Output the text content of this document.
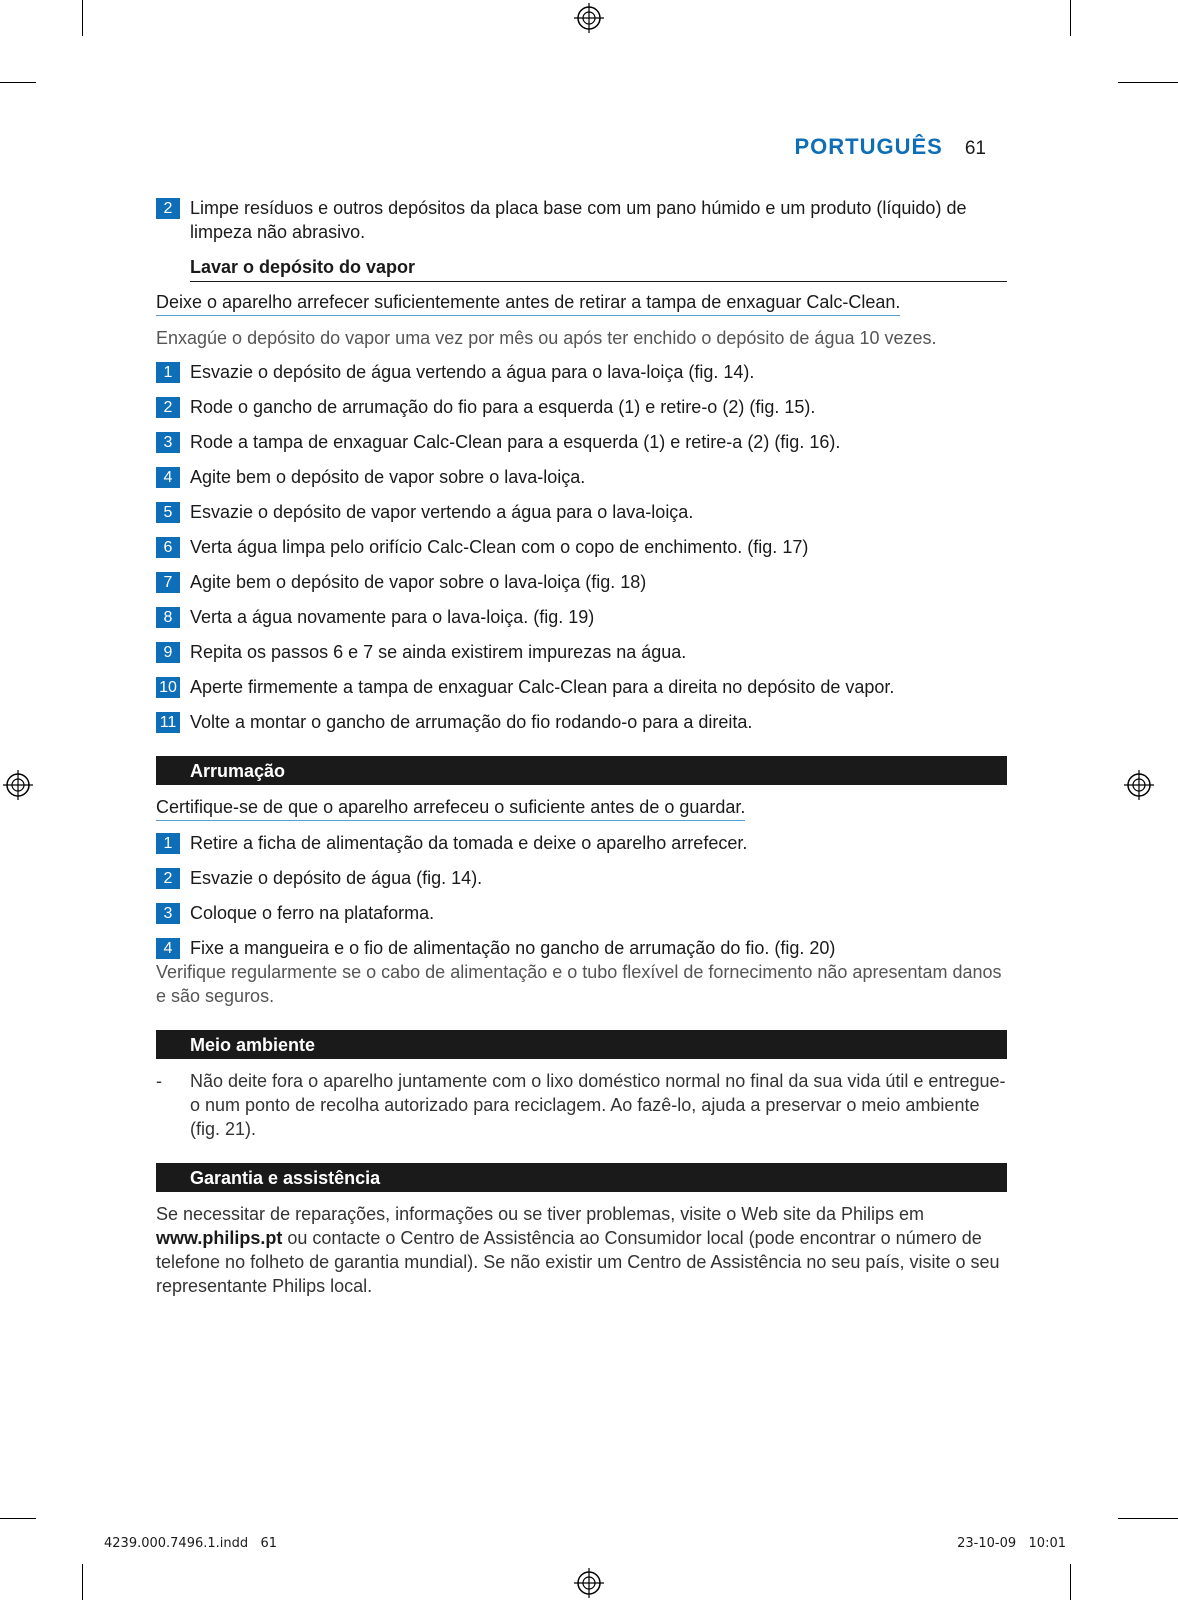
PORTUGUÊS 61
2 Limpe resíduos e outros depósitos da placa base com um pano húmido e um produto (líquido) de limpeza não abrasivo.
Lavar o depósito do vapor
Deixe o aparelho arrefecer suficientemente antes de retirar a tampa de enxaguar Calc-Clean.
Enxagúe o depósito do vapor uma vez por mês ou após ter enchido o depósito de água 10 vezes.
1 Esvazie o depósito de água vertendo a água para o lava-loiça (fig. 14).
2 Rode o gancho de arrumação do fio para a esquerda (1) e retire-o (2) (fig. 15).
3 Rode a tampa de enxaguar Calc-Clean para a esquerda (1) e retire-a (2) (fig. 16).
4 Agite bem o depósito de vapor sobre o lava-loiça.
5 Esvazie o depósito de vapor vertendo a água para o lava-loiça.
6 Verta água limpa pelo orifício Calc-Clean com o copo de enchimento. (fig. 17)
7 Agite bem o depósito de vapor sobre o lava-loiça (fig. 18)
8 Verta a água novamente para o lava-loiça. (fig. 19)
9 Repita os passos 6 e 7 se ainda existirem impurezas na água.
10 Aperte firmemente a tampa de enxaguar Calc-Clean para a direita no depósito de vapor.
11 Volte a montar o gancho de arrumação do fio rodando-o para a direita.
Arrumação
Certifique-se de que o aparelho arrefeceu o suficiente antes de o guardar.
1 Retire a ficha de alimentação da tomada e deixe o aparelho arrefecer.
2 Esvazie o depósito de água (fig. 14).
3 Coloque o ferro na plataforma.
4 Fixe a mangueira e o fio de alimentação no gancho de arrumação do fio. (fig. 20)
Verifique regularmente se o cabo de alimentação e o tubo flexível de fornecimento não apresentam danos e são seguros.
Meio ambiente
- Não deite fora o aparelho juntamente com o lixo doméstico normal no final da sua vida útil e entregue-o num ponto de recolha autorizado para reciclagem. Ao fazê-lo, ajuda a preservar o meio ambiente (fig. 21).
Garantia e assistência
Se necessitar de reparações, informações ou se tiver problemas, visite o Web site da Philips em www.philips.pt ou contacte o Centro de Assistência ao Consumidor local (pode encontrar o número de telefone no folheto de garantia mundial). Se não existir um Centro de Assistência no seu país, visite o seu representante Philips local.
4239.000.7496.1.indd   61	23-10-09   10:01
